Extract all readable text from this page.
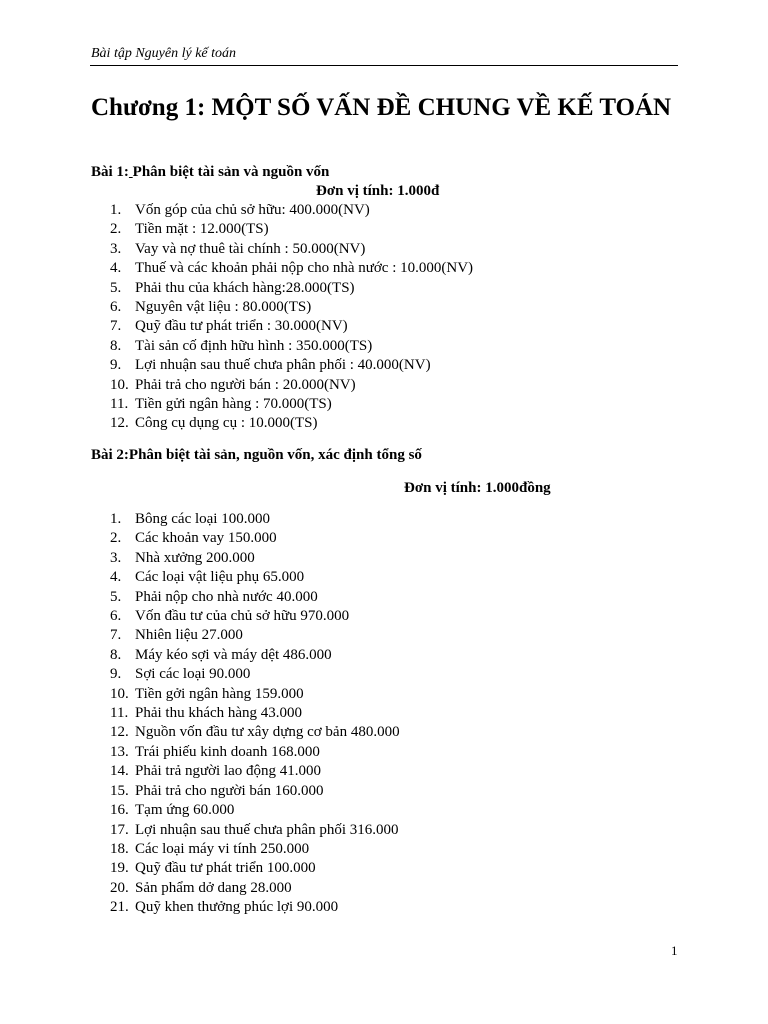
Bài tập Nguyên lý kế toán
Chương 1: MỘT SỐ VẤN ĐỀ CHUNG VỀ KẾ TOÁN
Bài 1: Phân biệt tài sản và nguồn vốn
Đơn vị tính: 1.000đ
1. Vốn góp của chủ sở hữu: 400.000(NV)
2. Tiền mặt : 12.000(TS)
3. Vay và nợ thuê tài chính : 50.000(NV)
4. Thuế và các khoản phải nộp cho nhà nước : 10.000(NV)
5. Phải thu của khách hàng:28.000(TS)
6. Nguyên vật liệu : 80.000(TS)
7. Quỹ đầu tư phát triển : 30.000(NV)
8. Tài sản cố định hữu hình : 350.000(TS)
9. Lợi nhuận sau thuế chưa phân phối : 40.000(NV)
10. Phải trả cho người bán : 20.000(NV)
11. Tiền gửi ngân hàng : 70.000(TS)
12. Công cụ dụng cụ : 10.000(TS)
Bài 2:Phân biệt tài sản, nguồn vốn, xác định tổng số
Đơn vị tính: 1.000đồng
1. Bông các loại 100.000
2. Các khoản vay 150.000
3. Nhà xưởng 200.000
4. Các loại vật liệu phụ 65.000
5. Phải nộp cho nhà nước 40.000
6. Vốn đầu tư của chủ sở hữu 970.000
7. Nhiên liệu 27.000
8. Máy kéo sợi và máy dệt 486.000
9. Sợi các loại 90.000
10. Tiền gởi ngân hàng 159.000
11. Phải thu khách hàng 43.000
12. Nguồn vốn đầu tư xây dựng cơ bản 480.000
13. Trái phiếu kinh doanh 168.000
14. Phải trả người lao động 41.000
15. Phải trả cho người bán 160.000
16. Tạm ứng 60.000
17. Lợi nhuận sau thuế chưa phân phối 316.000
18. Các loại máy vi tính 250.000
19. Quỹ đầu tư phát triển 100.000
20. Sản phẩm dở dang 28.000
21. Quỹ khen thưởng phúc lợi 90.000
1
